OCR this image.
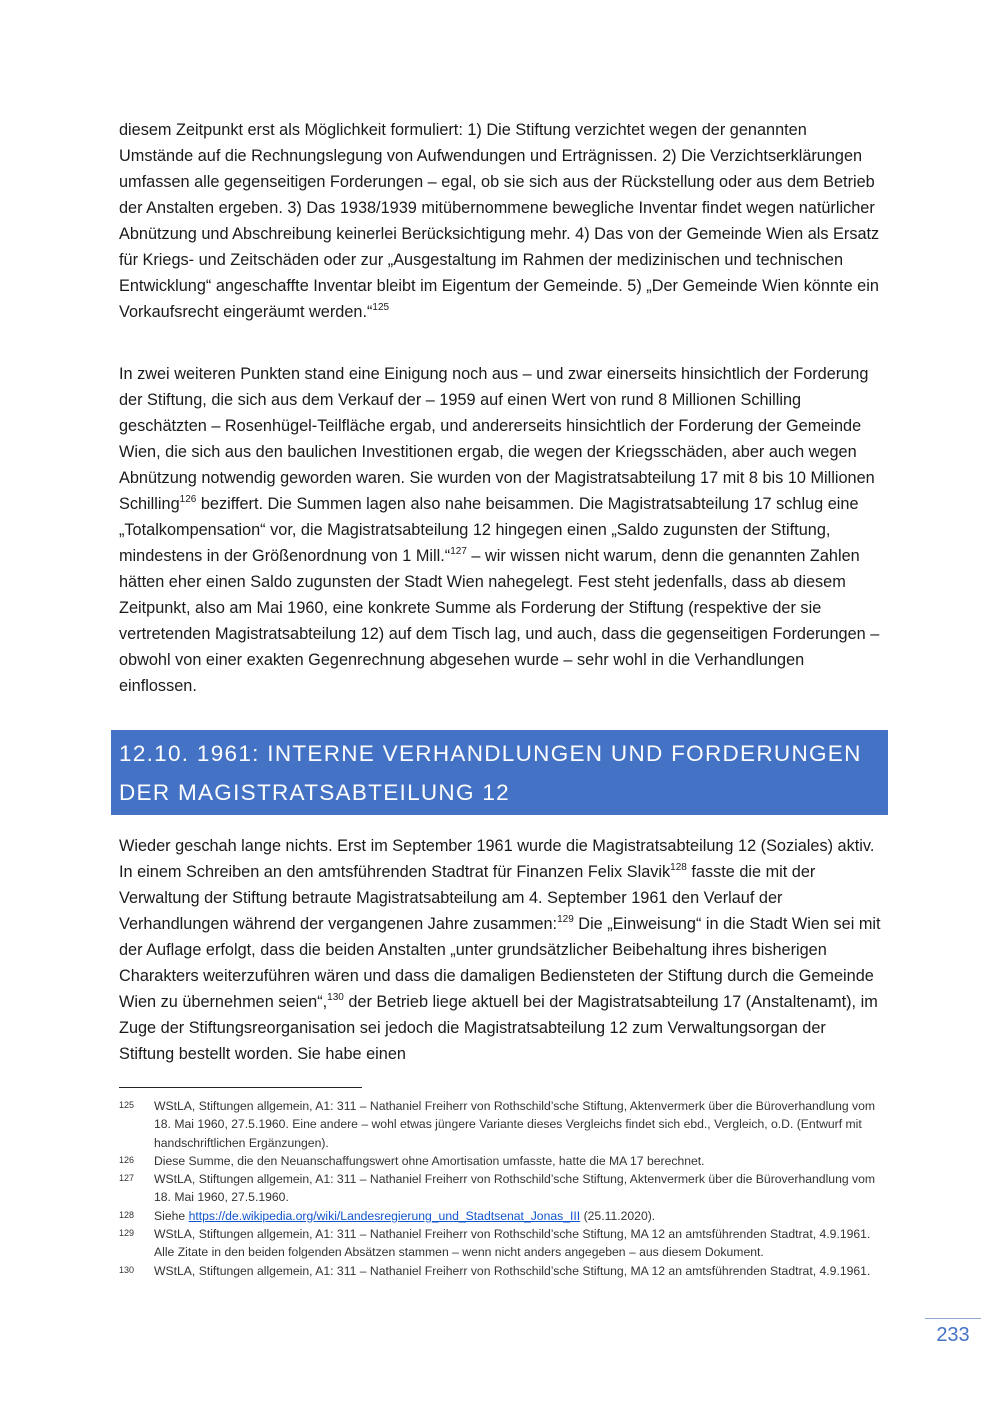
diesem Zeitpunkt erst als Möglichkeit formuliert: 1) Die Stiftung verzichtet wegen der genannten Umstände auf die Rechnungslegung von Aufwendungen und Erträgnissen. 2) Die Verzichtserklärungen umfassen alle gegenseitigen Forderungen – egal, ob sie sich aus der Rückstellung oder aus dem Betrieb der Anstalten ergeben. 3) Das 1938/1939 mitübernommene bewegliche Inventar findet wegen natürlicher Abnützung und Abschreibung keinerlei Berücksichtigung mehr. 4) Das von der Gemeinde Wien als Ersatz für Kriegs- und Zeitschäden oder zur „Ausgestaltung im Rahmen der medizinischen und technischen Entwicklung“ angeschaffte Inventar bleibt im Eigentum der Gemeinde. 5) „Der Gemeinde Wien könnte ein Vorkaufsrecht eingeräumt werden.“$^{125}$

In zwei weiteren Punkten stand eine Einigung noch aus – und zwar einerseits hinsichtlich der Forderung der Stiftung, die sich aus dem Verkauf der – 1959 auf einen Wert von rund 8 Millionen Schilling geschätzten – Rosenhügel-Teilfläche ergab, und andererseits hinsichtlich der Forderung der Gemeinde Wien, die sich aus den baulichen Investitionen ergab, die wegen der Kriegsschäden, aber auch wegen Abnützung notwendig geworden waren. Sie wurden von der Magistratsabteilung 17 mit 8 bis 10 Millionen Schilling$^{126}$ beziffert. Die Summen lagen also nahe beisammen. Die Magistratsabteilung 17 schlug eine „Totalkompensation“ vor, die Magistratsabteilung 12 hingegen einen „Saldo zugunsten der Stiftung, mindestens in der Größenordnung von 1 Mill.“$^{127}$ – wir wissen nicht warum, denn die genannten Zahlen hätten eher einen Saldo zugunsten der Stadt Wien nahegelegt. Fest steht jedenfalls, dass ab diesem Zeitpunkt, also am Mai 1960, eine konkrete Summe als Forderung der Stiftung (respektive der sie vertretenden Magistratsabteilung 12) auf dem Tisch lag, und auch, dass die gegenseitigen Forderungen – obwohl von einer exakten Gegenrechnung abgesehen wurde – sehr wohl in die Verhandlungen einflossen.

12.10. 1961: INTERNE VERHANDLUNGEN UND FORDERUNGEN
DER MAGISTRATSABTEILUNG 12

Wieder geschah lange nichts. Erst im September 1961 wurde die Magistratsabteilung 12 (Soziales) aktiv. In einem Schreiben an den amtsführenden Stadtrat für Finanzen Felix Slavik$^{128}$ fasste die mit der Verwaltung der Stiftung betraute Magistratsabteilung am 4. September 1961 den Verlauf der Verhandlungen während der vergangenen Jahre zusammen:$^{129}$ Die „Einweisung“ in die Stadt Wien sei mit der Auflage erfolgt, dass die beiden Anstalten „unter grundsätzlicher Beibehaltung ihres bisherigen Charakters weiterzuführen wären und dass die damaligen Bediensteten der Stiftung durch die Gemeinde Wien zu übernehmen seien“,$^{130}$ der Betrieb liege aktuell bei der Magistratsabteilung 17 (Anstaltenamt), im Zuge der Stiftungsreorganisation sei jedoch die Magistratsabteilung 12 zum Verwaltungsorgan der Stiftung bestellt worden. Sie habe einen

125	WStLA, Stiftungen allgemein, A1: 311 – Nathaniel Freiherr von Rothschild’sche Stiftung, Aktenvermerk über die Büroverhandlung vom 18. Mai 1960, 27.5.1960. Eine andere – wohl etwas jüngere Variante dieses Vergleichs findet sich ebd., Vergleich, o.D. (Entwurf mit handschriftlichen Ergänzungen).
126	Diese Summe, die den Neuanschaffungswert ohne Amortisation umfasste, hatte die MA 17 berechnet.
127	WStLA, Stiftungen allgemein, A1: 311 – Nathaniel Freiherr von Rothschild’sche Stiftung, Aktenvermerk über die Büroverhandlung vom 18. Mai 1960, 27.5.1960.
128	Siehe https://de.wikipedia.org/wiki/Landesregierung_und_Stadtsenat_Jonas_III (25.11.2020).
129	WStLA, Stiftungen allgemein, A1: 311 – Nathaniel Freiherr von Rothschild’sche Stiftung, MA 12 an amtsführenden Stadtrat, 4.9.1961. Alle Zitate in den beiden folgenden Absätzen stammen – wenn nicht anders angegeben – aus diesem Dokument.
130	WStLA, Stiftungen allgemein, A1: 311 – Nathaniel Freiherr von Rothschild’sche Stiftung, MA 12 an amtsführenden Stadtrat, 4.9.1961.
233
